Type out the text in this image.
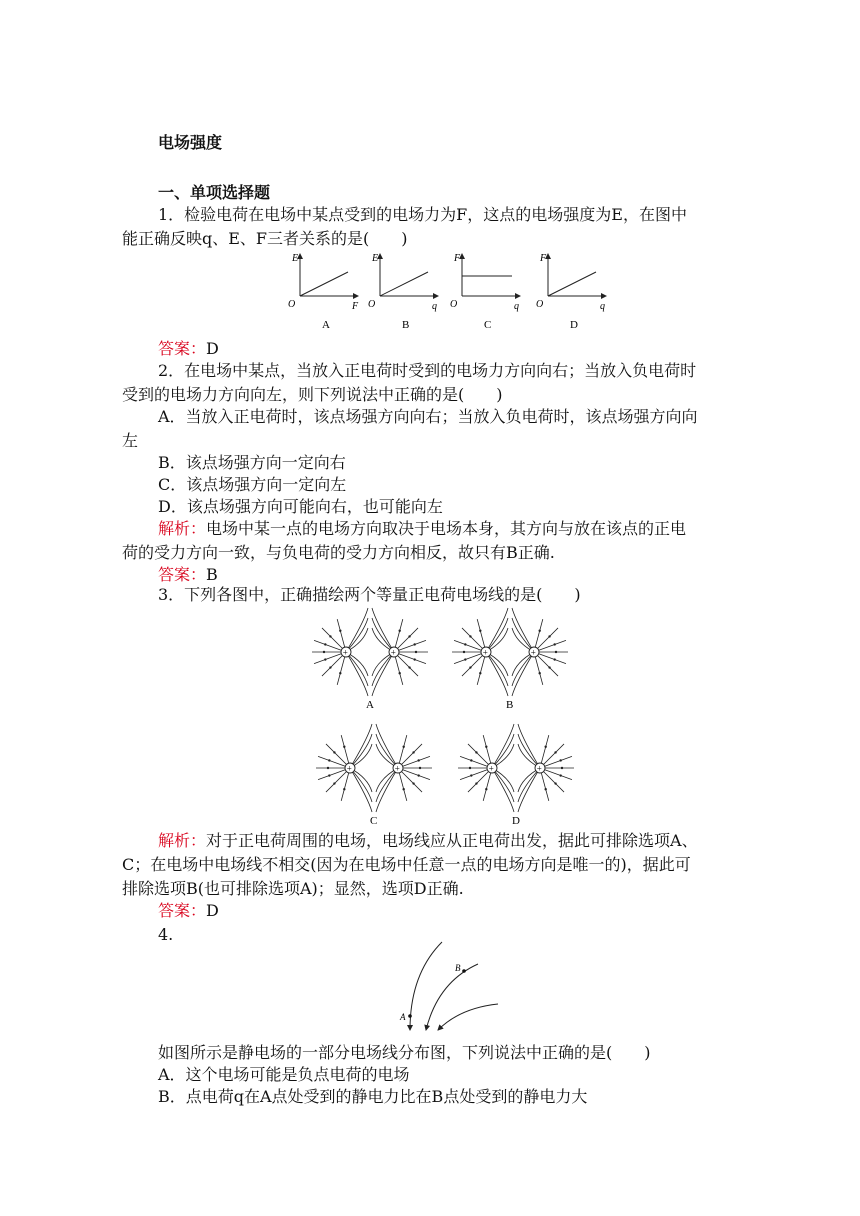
电场强度
一、单项选择题
1．检验电荷在电场中某点受到的电场力为F，这点的电场强度为E，在图中
能正确反映q、E、F三者关系的是(　　)
E
F
O
A
E
q
O
B
F
q
O
C
F
q
O
D
答案：D
2．在电场中某点，当放入正电荷时受到的电场力方向向右；当放入负电荷时
受到的电场力方向向左，则下列说法中正确的是(　　)
A．当放入正电荷时，该点场强方向向右；当放入负电荷时，该点场强方向向
左
B．该点场强方向一定向右
C．该点场强方向一定向左
D．该点场强方向可能向右，也可能向左
解析：电场中某一点的电场方向取决于电场本身，其方向与放在该点的正电
荷的受力方向一致，与负电荷的受力方向相反，故只有B正确.
答案：B
3．下列各图中，正确描绘两个等量正电荷电场线的是(　　)
+	+
A
+	+
B
+	+
C
+	+
D
解析：对于正电荷周围的电场，电场线应从正电荷出发，据此可排除选项A、
C；在电场中电场线不相交(因为在电场中任意一点的电场方向是唯一的)，据此可
排除选项B(也可排除选项A)；显然，选项D正确.
答案：D
4.
A
B
如图所示是静电场的一部分电场线分布图，下列说法中正确的是(　　)
A．这个电场可能是负点电荷的电场
B．点电荷q在A点处受到的静电力比在B点处受到的静电力大
